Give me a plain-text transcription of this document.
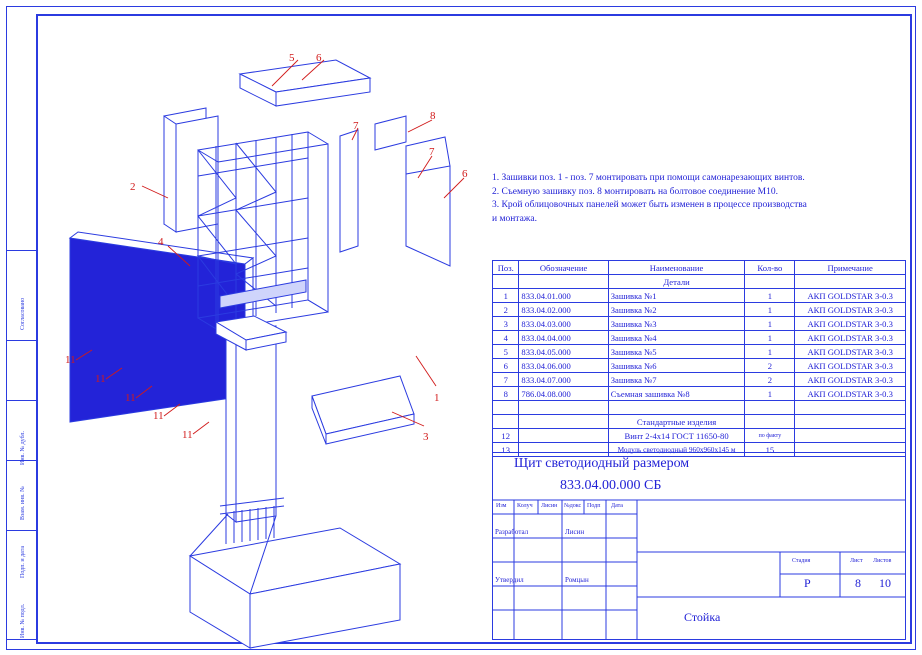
Согласовано
Инв. № дубл.
Взам. инв. №
Подп. и дата
Инв. № подл.
5 6
8
7
7
6
2
4
1
3
11
11
11
11
11
1. Зашивки поз. 1 - поз. 7 монтировать при помощи самонарезающих винтов.
2. Съемную зашивку поз. 8 монтировать на болтовое соединение М10.
3. Крой облицовочных панелей может быть изменен в процессе производства
и монтажа.
Поз.	Обозначение	Наименование	Кол-во	Примечание
		Детали		
1	833.04.01.000	Зашивка №1	1	АКП GOLDSTAR 3-0.3
2	833.04.02.000	Зашивка №2	1	АКП GOLDSTAR 3-0.3
3	833.04.03.000	Зашивка №3	1	АКП GOLDSTAR 3-0.3
4	833.04.04.000	Зашивка №4	1	АКП GOLDSTAR 3-0.3
5	833.04.05.000	Зашивка №5	1	АКП GOLDSTAR 3-0.3
6	833.04.06.000	Зашивка №6	2	АКП GOLDSTAR 3-0.3
7	833.04.07.000	Зашивка №7	2	АКП GOLDSTAR 3-0.3
8	786.04.08.000	Съемная зашивка №8	1	АКП GOLDSTAR 3-0.3

		Стандартные изделия		
12		Винт 2-4х14 ГОСТ 11650-80	по факту	
13		Модуль светодиодный 960х960х145 м	15	
Щит светодиодный размером
833.04.00.000 СБ
Стойка
Изм Колуч Лисин №докс Подп Дата
Разработал	Лисин
Утвердил	Ромцын
Стадия	Лист Листов
Р	8 10
